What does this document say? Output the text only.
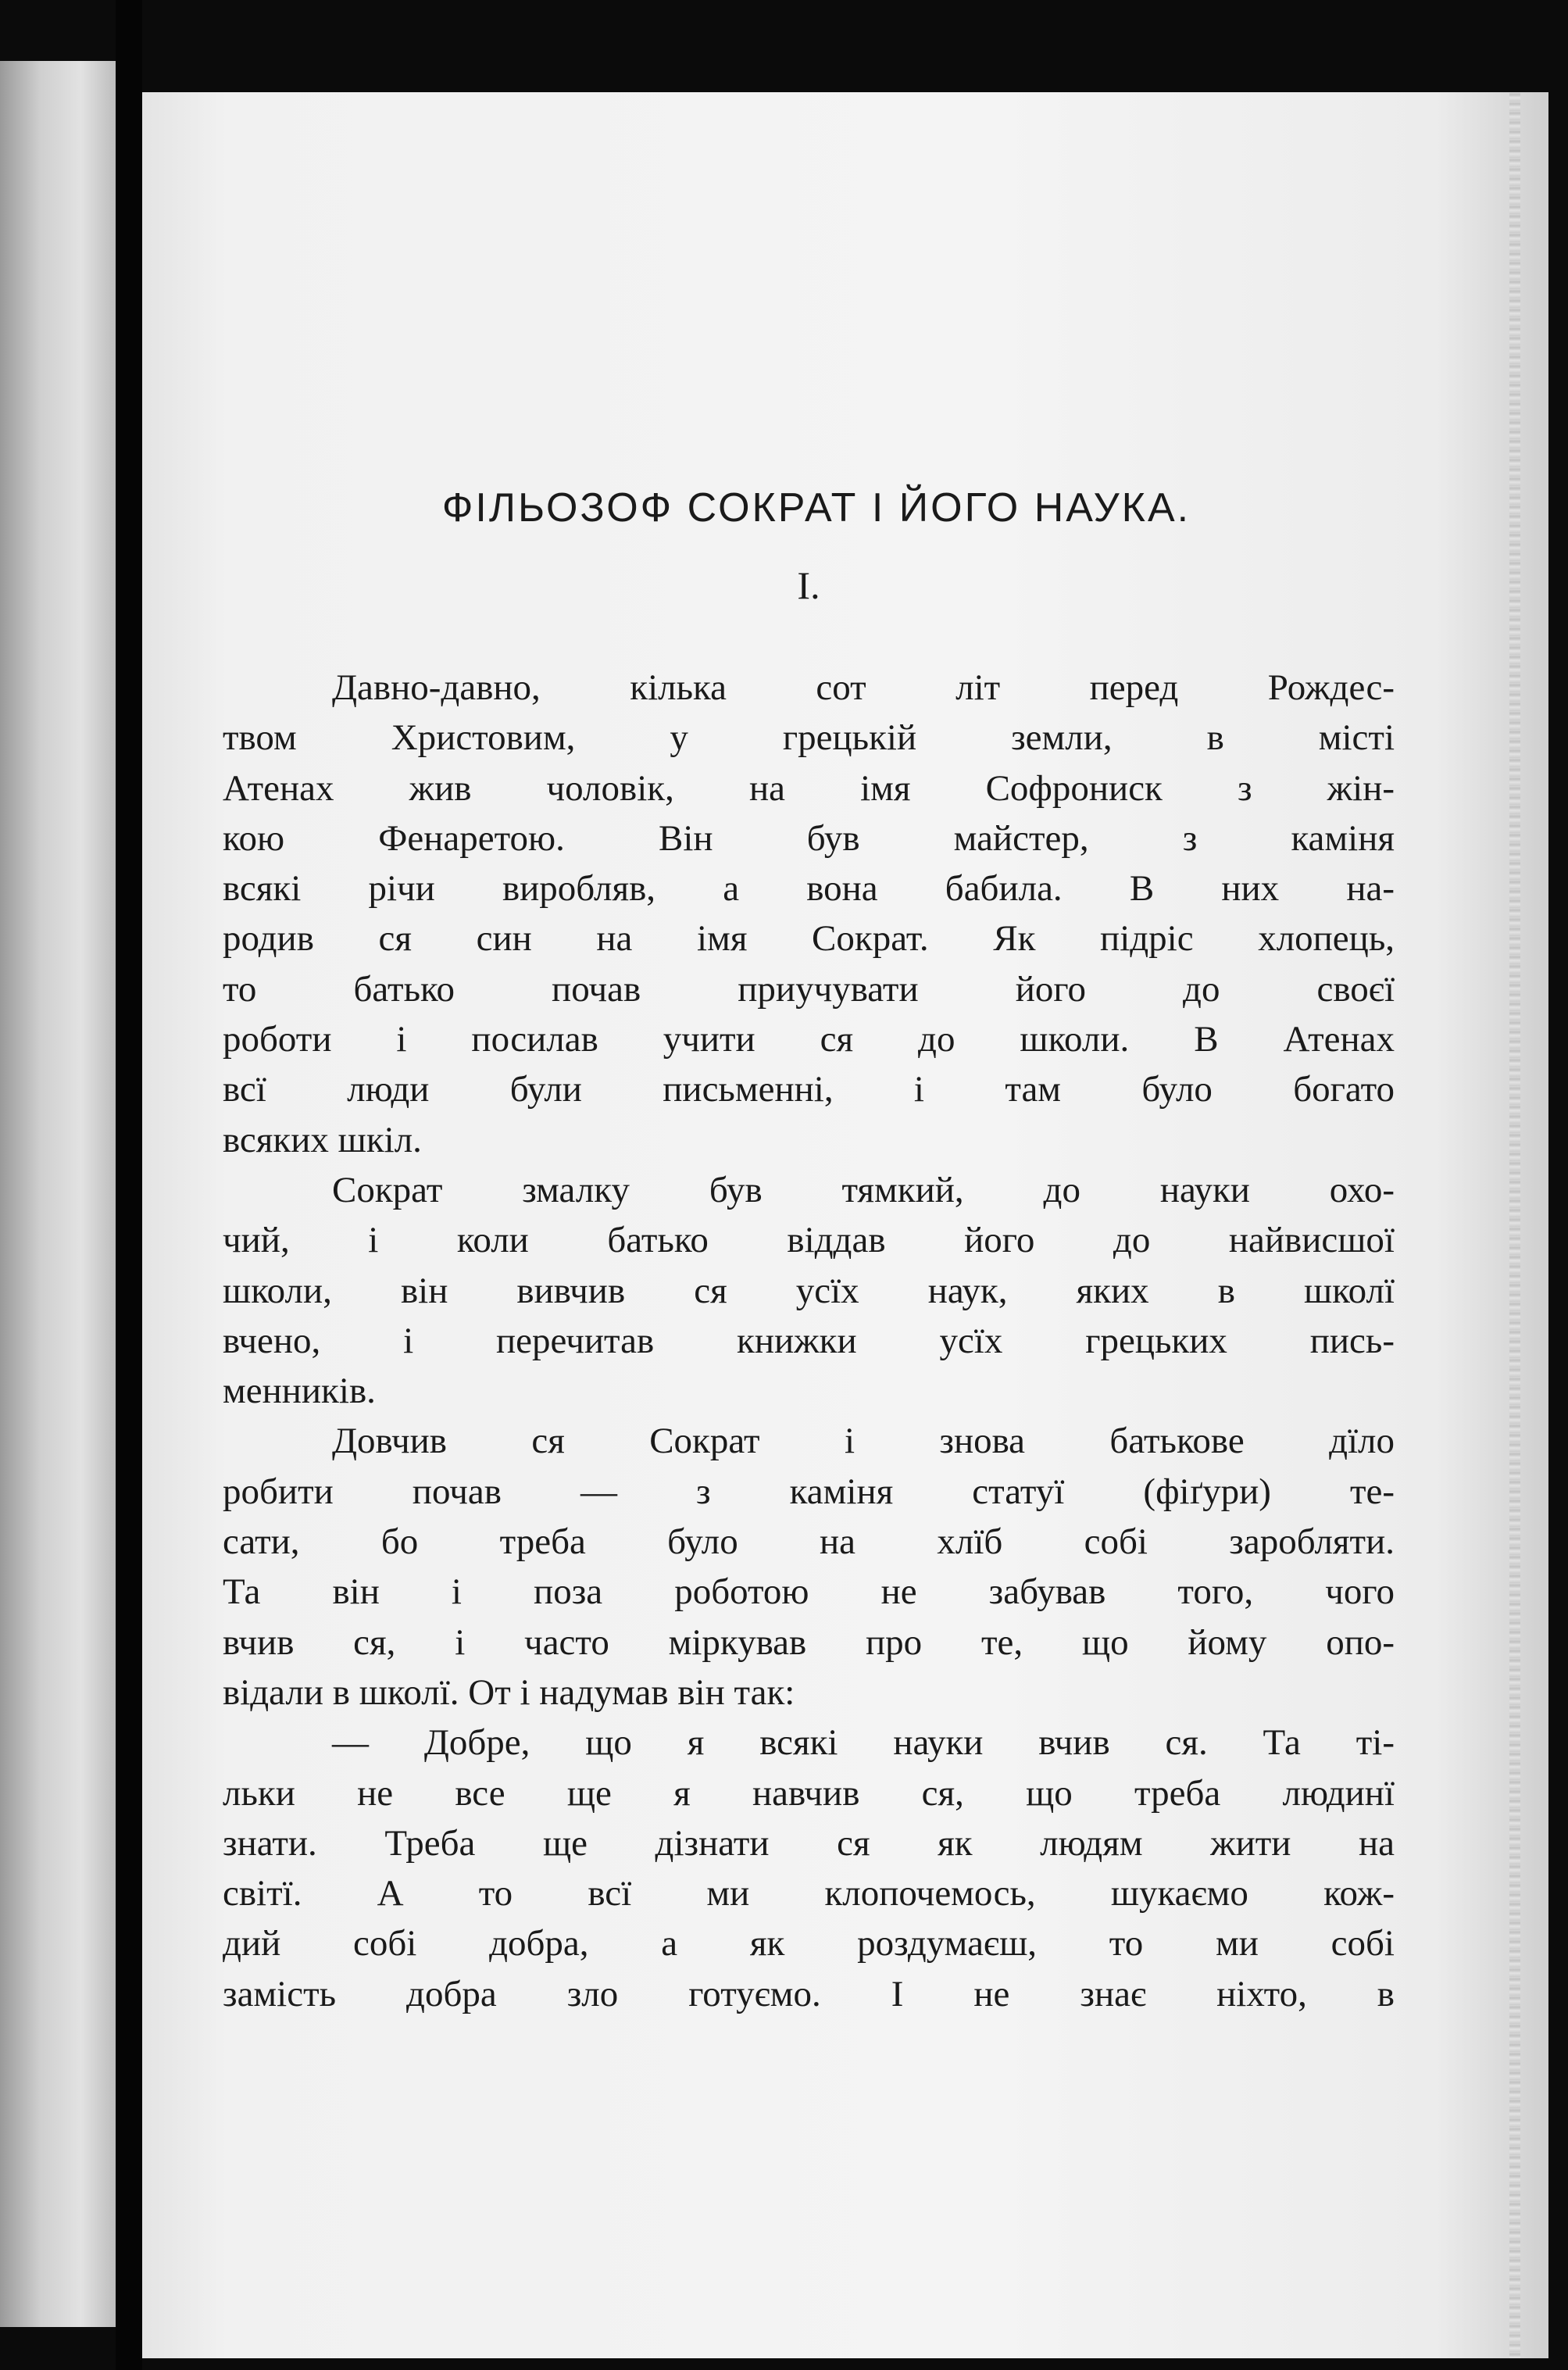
ФІЛЬОЗОФ СОКРАТ І ЙОГО НАУКА.
I.
Давно-давно, кілька сот літ перед Рождес-
твом Христовим, у грецькій земли, в місті
Атенах жив чоловік, на імя Софрониск з жін-
кою Фенаретою. Він був майстер, з каміня
всякі річи виробляв, а вона бабила. В них на-
родив ся син на імя Сократ. Як підріс хлопець,
то батько почав приучувати його до своєї
роботи і посилав учити ся до школи. В Атенах
всї люди були письменні, і там було богато
всяких шкіл.
Сократ змалку був тямкий, до науки охо-
чий, і коли батько віддав його до найвисшої
школи, він вивчив ся усїх наук, яких в школї
вчено, і перечитав книжки усїх грецьких пись-
менників.
Довчив ся Сократ і знова батькове дїло
робити почав — з каміня статуї (фіґури) те-
сати, бо треба було на хлїб собі заробляти.
Та він і поза роботою не забував того, чого
вчив ся, і часто міркував про те, що йому опо-
відали в школї. От і надумав він так:
— Добре, що я всякі науки вчив ся. Та ті-
льки не все ще я навчив ся, що треба людинї
знати. Треба ще дізнати ся як людям жити на
світї. А то всї ми клопочемось, шукаємо кож-
дий собі добра, а як роздумаєш, то ми собі
замість добра зло готуємо. І не знає ніхто, в
